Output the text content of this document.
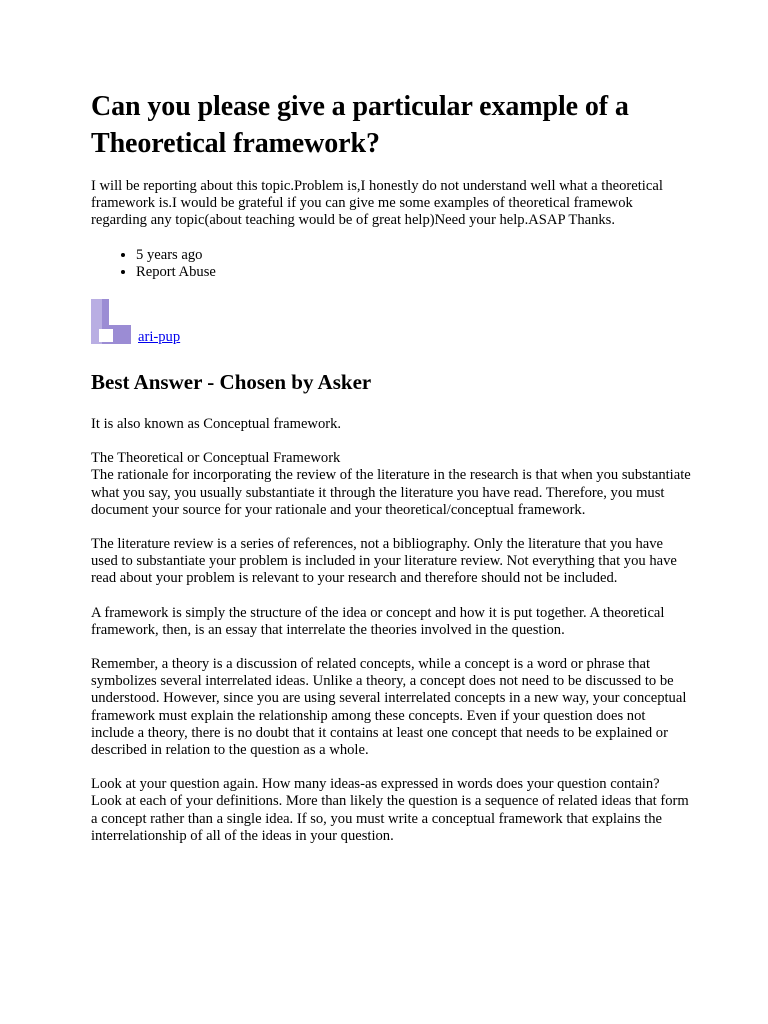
Can you please give a particular example of a Theoretical framework?

I will be reporting about this topic.Problem is,I honestly do not understand well what a theoretical framework is.I would be grateful if you can give me some examples of theoretical framewok regarding any topic(about teaching would be of great help)Need your help.ASAP Thanks.

• 5 years ago
• Report Abuse
ari-pup
Best Answer - Chosen by Asker

It is also known as Conceptual framework.

The Theoretical or Conceptual Framework

The rationale for incorporating the review of the literature in the research is that when you substantiate what you say, you usually substantiate it through the literature you have read. Therefore, you must document your source for your rationale and your theoretical/conceptual framework.

The literature review is a series of references, not a bibliography. Only the literature that you have used to substantiate your problem is included in your literature review. Not everything that you have read about your problem is relevant to your research and therefore should not be included.

A framework is simply the structure of the idea or concept and how it is put together. A theoretical framework, then, is an essay that interrelate the theories involved in the question.

Remember, a theory is a discussion of related concepts, while a concept is a word or phrase that symbolizes several interrelated ideas. Unlike a theory, a concept does not need to be discussed to be understood. However, since you are using several interrelated concepts in a new way, your conceptual framework must explain the relationship among these concepts. Even if your question does not include a theory, there is no doubt that it contains at least one concept that needs to be explained or described in relation to the question as a whole.

Look at your question again. How many ideas-as expressed in words does your question contain? Look at each of your definitions. More than likely the question is a sequence of related ideas that form a concept rather than a single idea. If so, you must write a conceptual framework that explains the interrelationship of all of the ideas in your question.
